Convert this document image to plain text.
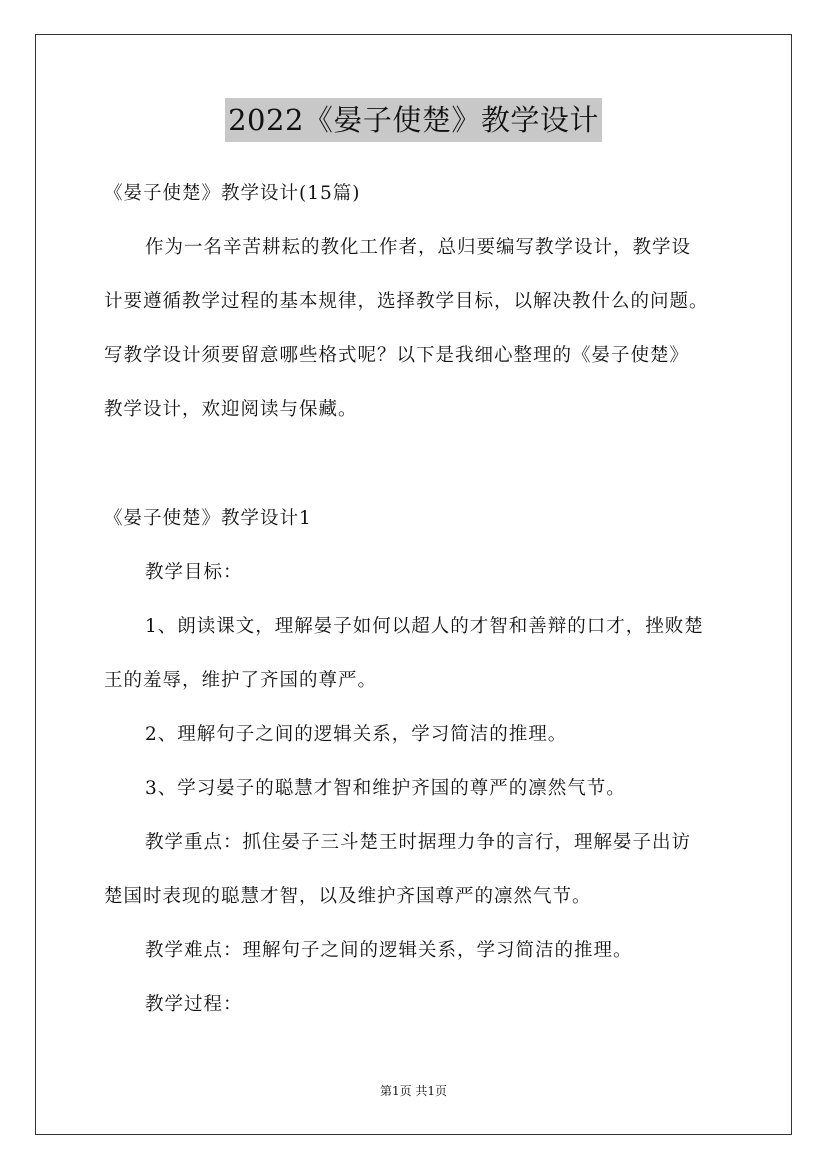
2022《晏子使楚》教学设计
《晏子使楚》教学设计(15篇)
作为一名辛苦耕耘的教化工作者，总归要编写教学设计，教学设
计要遵循教学过程的基本规律，选择教学目标，以解决教什么的问题。
写教学设计须要留意哪些格式呢？以下是我细心整理的《晏子使楚》
教学设计，欢迎阅读与保藏。
《晏子使楚》教学设计1
教学目标：
1、朗读课文，理解晏子如何以超人的才智和善辩的口才，挫败楚
王的羞辱，维护了齐国的尊严。
2、理解句子之间的逻辑关系，学习简洁的推理。
3、学习晏子的聪慧才智和维护齐国的尊严的凛然气节。
教学重点：抓住晏子三斗楚王时据理力争的言行，理解晏子出访
楚国时表现的聪慧才智，以及维护齐国尊严的凛然气节。
教学难点：理解句子之间的逻辑关系，学习简洁的推理。
教学过程：
第1页 共1页
